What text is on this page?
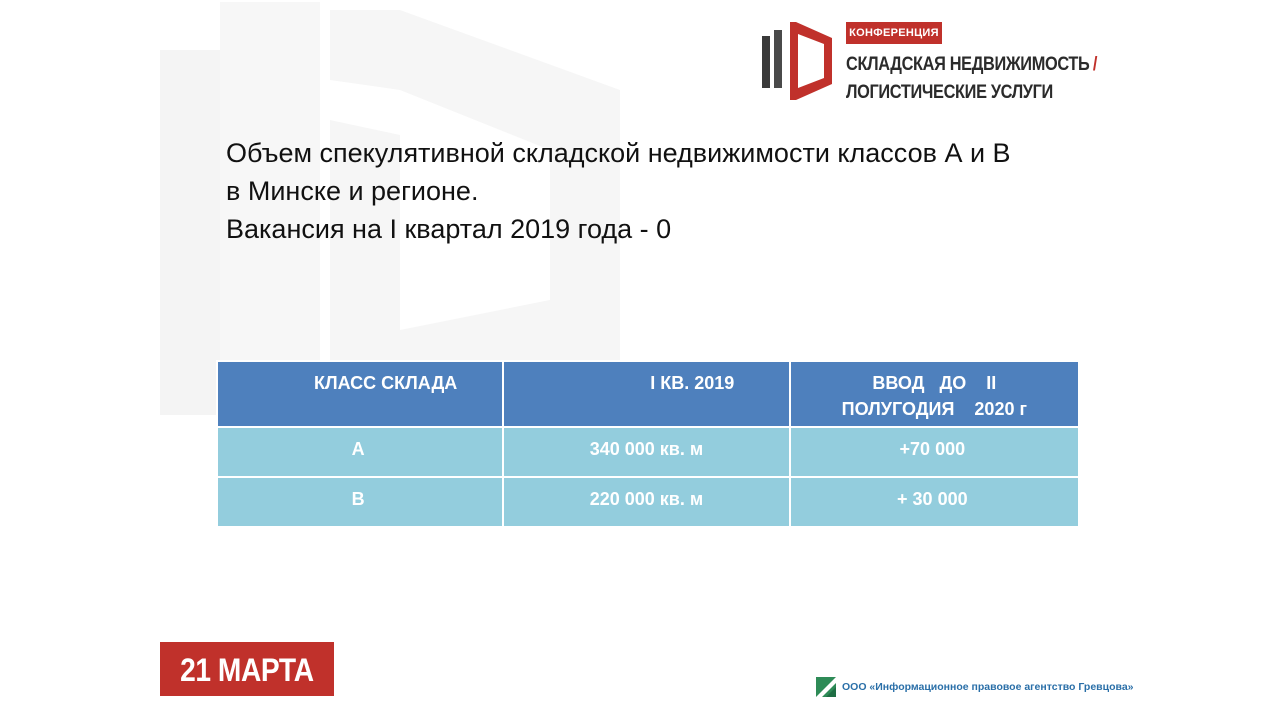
КОНФЕРЕНЦИЯ
СКЛАДСКАЯ НЕДВИЖИМОСТЬ /
ЛОГИСТИЧЕСКИЕ УСЛУГИ
Объем спекулятивной складской недвижимости классов А и В
в Минске и регионе.
Вакансия на I квартал 2019 года - 0
КЛАСС СКЛАДА	I КВ. 2019	ВВОД   ДО    II
ПОЛУГОДИЯ    2020 г

А	340 000 кв. м	+70 000

В	220 000 кв. м	+ 30 000
21 МАРТА	ООО «Информационное правовое агентство Гревцова»
